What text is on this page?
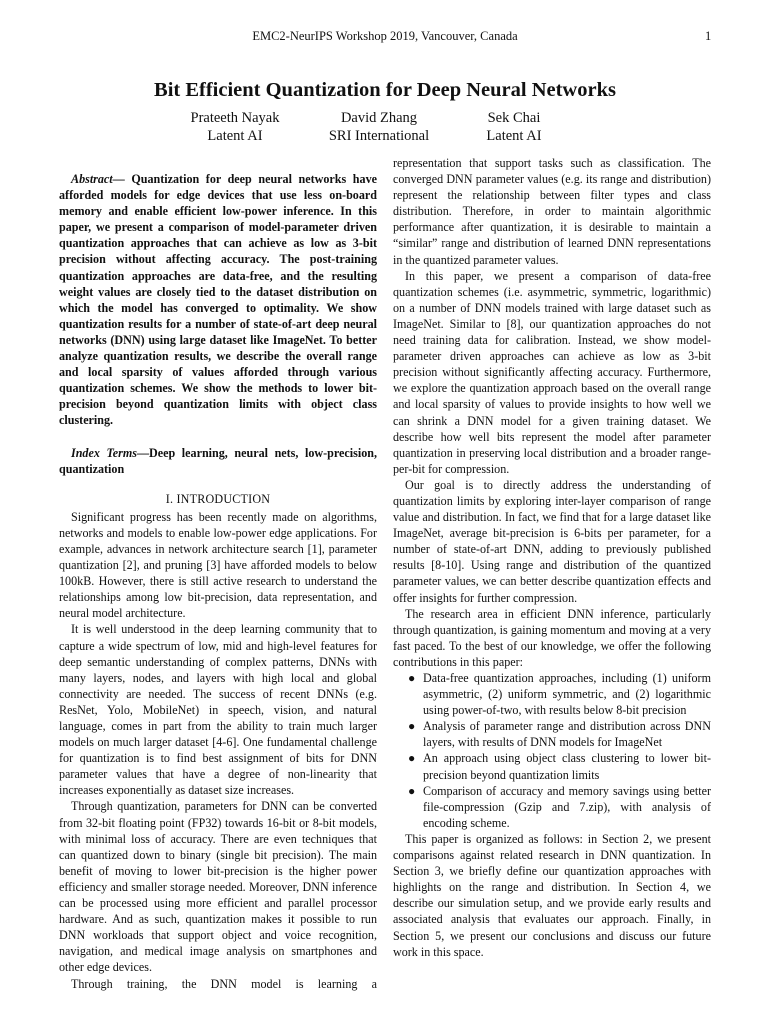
EMC2-NeurIPS Workshop 2019, Vancouver, Canada	1
Bit Efficient Quantization for Deep Neural Networks
Prateeth Nayak
Latent AI
David Zhang
SRI International
Sek Chai
Latent AI

Abstract— Quantization for deep neural networks have afforded models for edge devices that use less on-board memory and enable efficient low-power inference. In this paper, we present a comparison of model-parameter driven quantization approaches that can achieve as low as 3-bit precision without affecting accuracy. The post-training quantization approaches are data-free, and the resulting weight values are closely tied to the dataset distribution on which the model has converged to optimality. We show quantization results for a number of state-of-art deep neural networks (DNN) using large dataset like ImageNet. To better analyze quantization results, we describe the overall range and local sparsity of values afforded through various quantization schemes. We show the methods to lower bit-precision beyond quantization limits with object class clustering.

Index Terms—Deep learning, neural nets, low-precision, quantization

I. INTRODUCTION

Significant progress has been recently made on algorithms, networks and models to enable low-power edge applications. For example, advances in network architecture search [1], parameter quantization [2], and pruning [3] have afforded models to below 100kB. However, there is still active research to understand the relationships among low bit-precision, data representation, and neural model architecture.

It is well understood in the deep learning community that to capture a wide spectrum of low, mid and high-level features for deep semantic understanding of complex patterns, DNNs with many layers, nodes, and layers with high local and global connectivity are needed. The success of recent DNNs (e.g. ResNet, Yolo, MobileNet) in speech, vision, and natural language, comes in part from the ability to train much larger models on much larger dataset [4-6]. One fundamental challenge for quantization is to find best assignment of bits for DNN parameter values that have a degree of non-linearity that increases exponentially as dataset size increases.

Through quantization, parameters for DNN can be converted from 32-bit floating point (FP32) towards 16-bit or 8-bit models, with minimal loss of accuracy. There are even techniques that can quantized down to binary (single bit precision). The main benefit of moving to lower bit-precision is the higher power efficiency and smaller storage needed. Moreover, DNN inference can be processed using more efficient and parallel processor hardware. And as such, quantization makes it possible to run DNN workloads that support object and voice recognition, navigation, and medical image analysis on smartphones and other edge devices.

Through training, the DNN model is learning a

representation that support tasks such as classification. The converged DNN parameter values (e.g. its range and distribution) represent the relationship between filter types and class distribution. Therefore, in order to maintain algorithmic performance after quantization, it is desirable to maintain a “similar” range and distribution of learned DNN representations in the quantized parameter values.

In this paper, we present a comparison of data-free quantization schemes (i.e. asymmetric, symmetric, logarithmic) on a number of DNN models trained with large dataset such as ImageNet. Similar to [8], our quantization approaches do not need training data for calibration. Instead, we show model-parameter driven approaches can achieve as low as 3-bit precision without significantly affecting accuracy. Furthermore, we explore the quantization approach based on the overall range and local sparsity of values to provide insights to how well we can shrink a DNN model for a given training dataset. We describe how well bits represent the model after parameter quantization in preserving local distribution and a broader range-per-bit for compression.

Our goal is to directly address the understanding of quantization limits by exploring inter-layer comparison of range value and distribution. In fact, we find that for a large dataset like ImageNet, average bit-precision is 6-bits per parameter, for a number of state-of-art DNN, adding to previously published results [8-10]. Using range and distribution of the quantized parameter values, we can better describe quantization effects and offer insights for further compression.

The research area in efficient DNN inference, particularly through quantization, is gaining momentum and moving at a very fast paced. To the best of our knowledge, we offer the following contributions in this paper:

● Data-free quantization approaches, including (1) uniform asymmetric, (2) uniform symmetric, and (2) logarithmic using power-of-two, with results below 8-bit precision
● Analysis of parameter range and distribution across DNN layers, with results of DNN models for ImageNet
● An approach using object class clustering to lower bit-precision beyond quantization limits
● Comparison of accuracy and memory savings using better file-compression (Gzip and 7.zip), with analysis of encoding scheme.

This paper is organized as follows: in Section 2, we present comparisons against related research in DNN quantization. In Section 3, we briefly define our quantization approaches with highlights on the range and distribution. In Section 4, we describe our simulation setup, and we provide early results and associated analysis that evaluates our approach. Finally, in Section 5, we present our conclusions and discuss our future work in this space.
